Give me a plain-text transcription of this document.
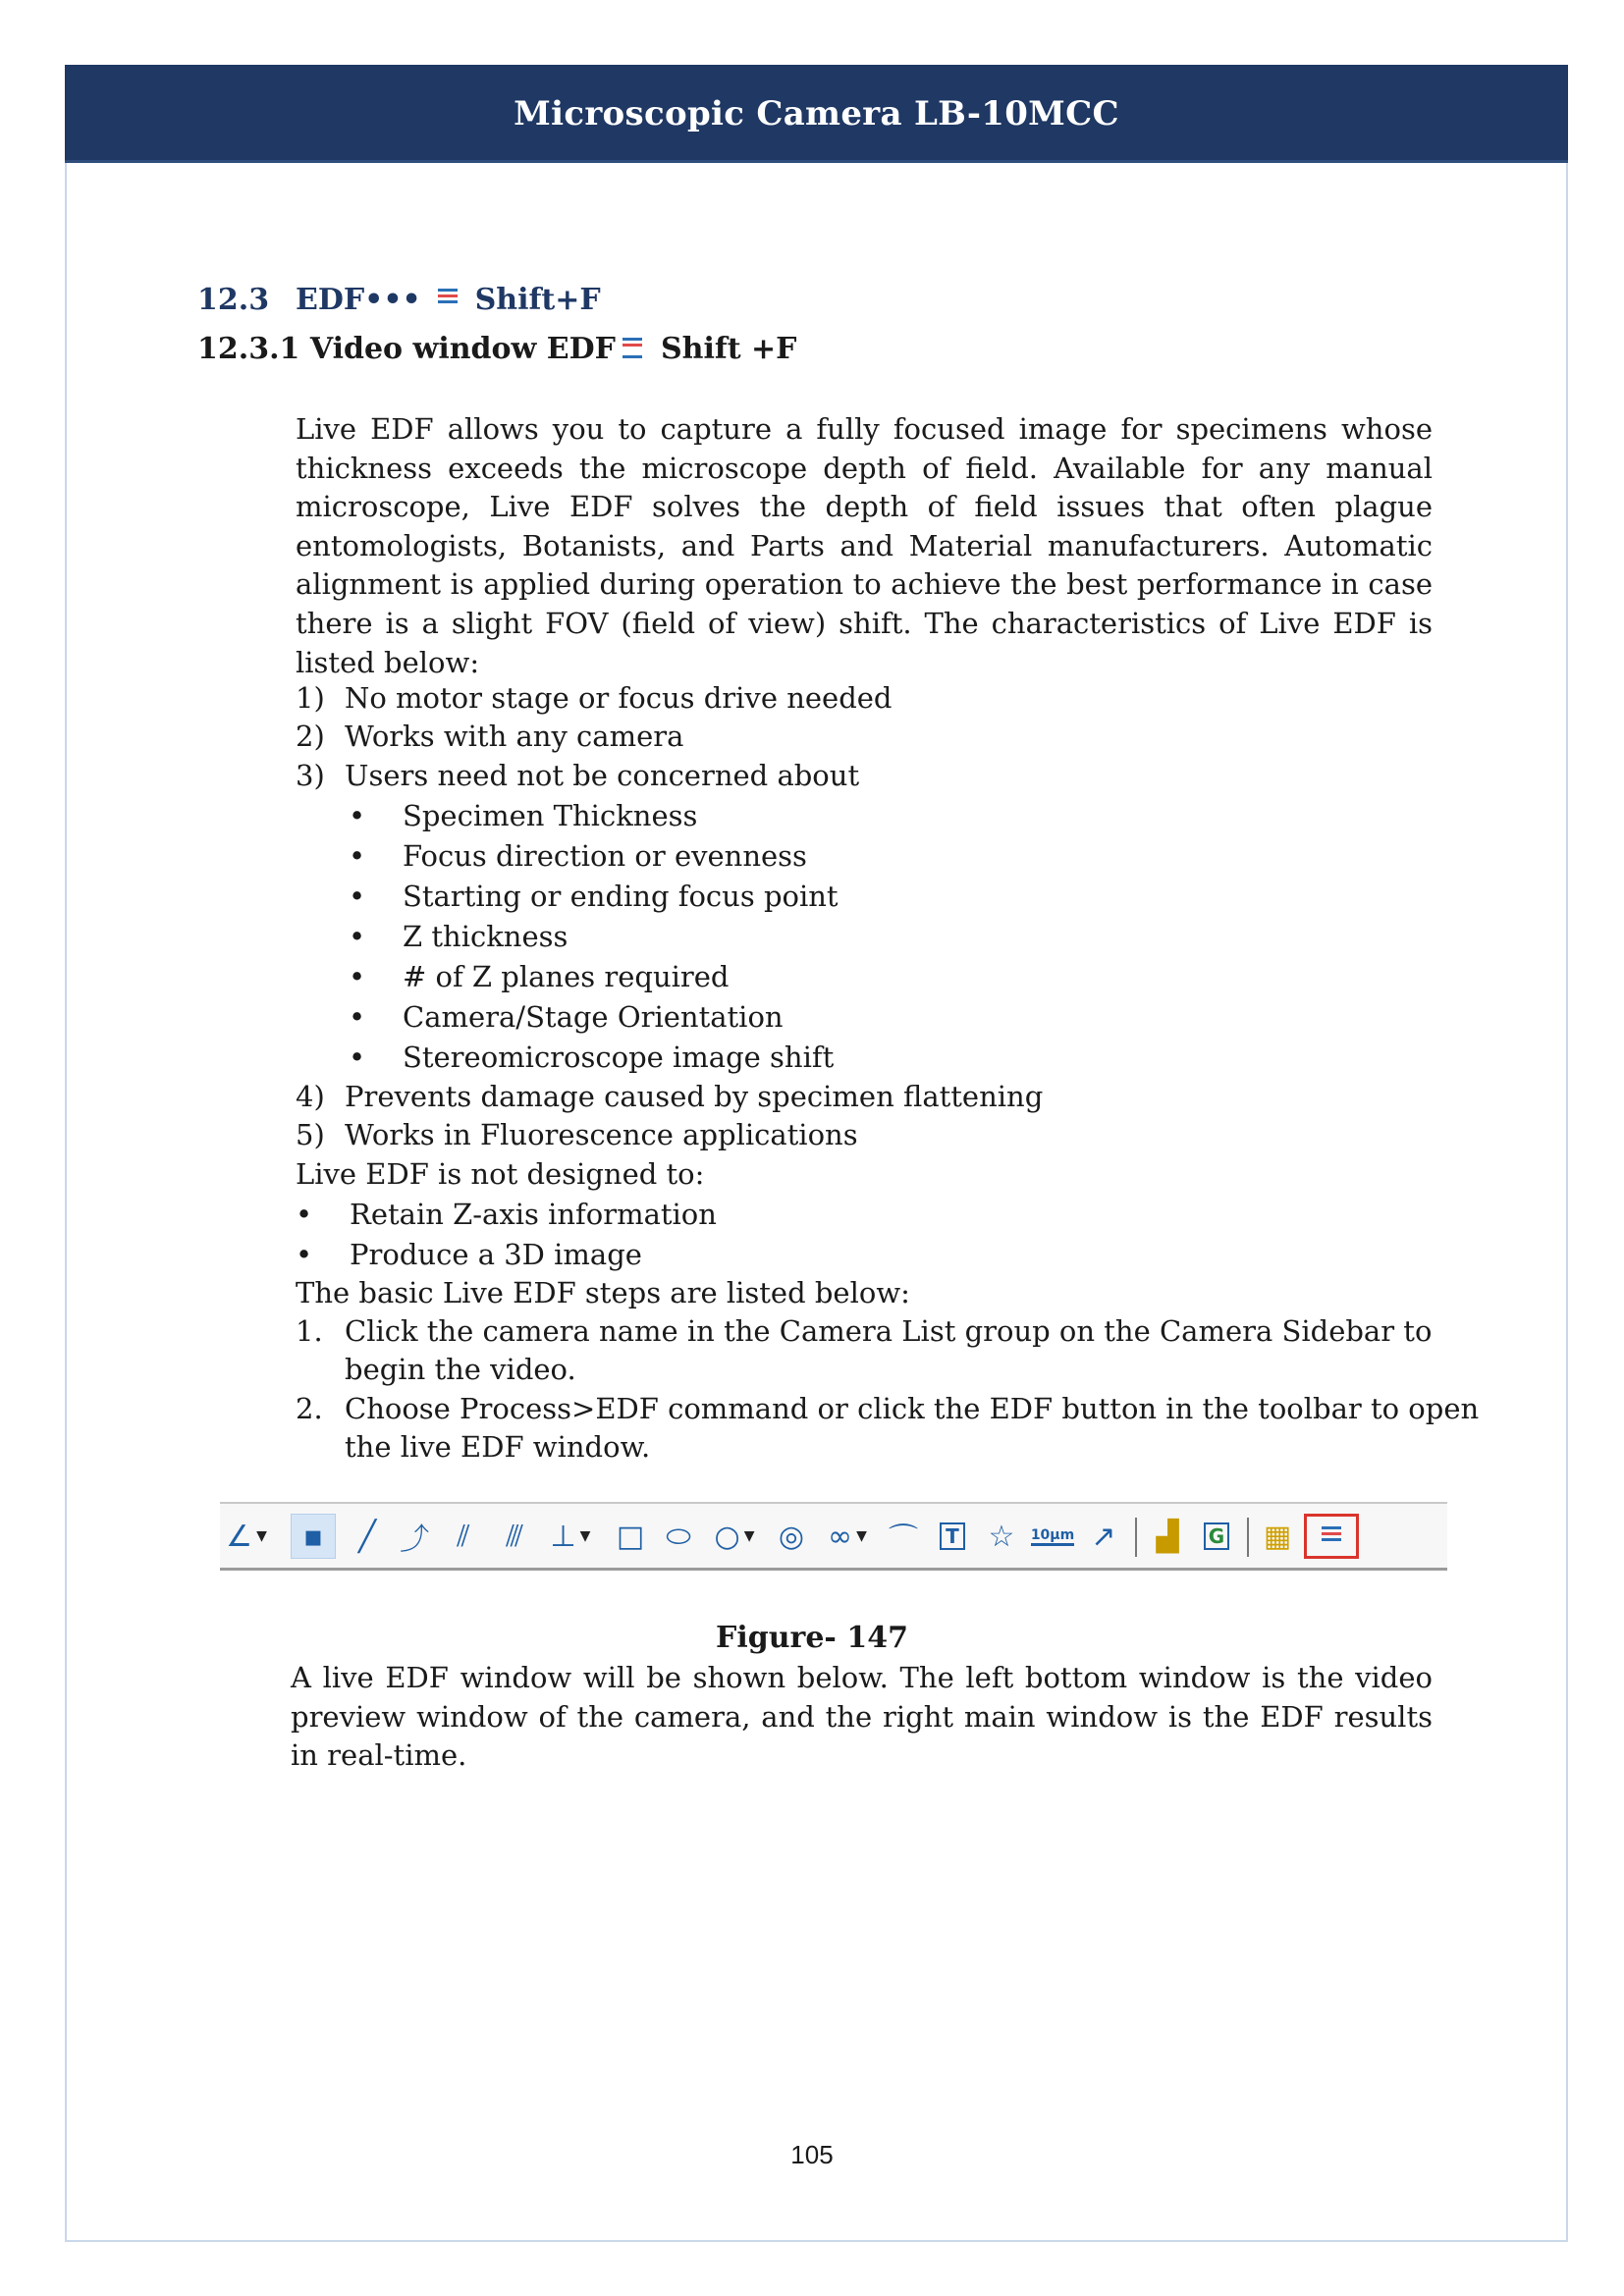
Microscopic Camera LB-10MCC
12.3 EDF••• Shift+F
12.3.1 Video window EDF Shift +F

Live EDF allows you to capture a fully focused image for specimens whose thickness exceeds the microscope depth of field. Available for any manual microscope, Live EDF solves the depth of field issues that often plague entomologists, Botanists, and Parts and Material manufacturers. Automatic alignment is applied during operation to achieve the best performance in case there is a slight FOV (field of view) shift. The characteristics of Live EDF is listed below:

1) No motor stage or focus drive needed
2) Works with any camera
3) Users need not be concerned about
• Specimen Thickness
• Focus direction or evenness
• Starting or ending focus point
• Z thickness
• # of Z planes required
• Camera/Stage Orientation
• Stereomicroscope image shift
4) Prevents damage caused by specimen flattening
5) Works in Fluorescence applications
Live EDF is not designed to:
• Retain Z-axis information
• Produce a 3D image
The basic Live EDF steps are listed below:
1. Click the camera name in the Camera List group on the Camera Sidebar to
begin the video.
2. Choose Process>EDF command or click the EDF button in the toolbar to open
the live EDF window.
∠ ▼	▪	╱ ⤴ ⫽	⫻ ⊥ ▼ □ ⬭ ○ ▼ ◎ ∞ ▼ ⌒	T ☆	10μm ↗	▟	G ▦
Figure- 147

A live EDF window will be shown below. The left bottom window is the video preview window of the camera, and the right main window is the EDF results in real-time.

105
